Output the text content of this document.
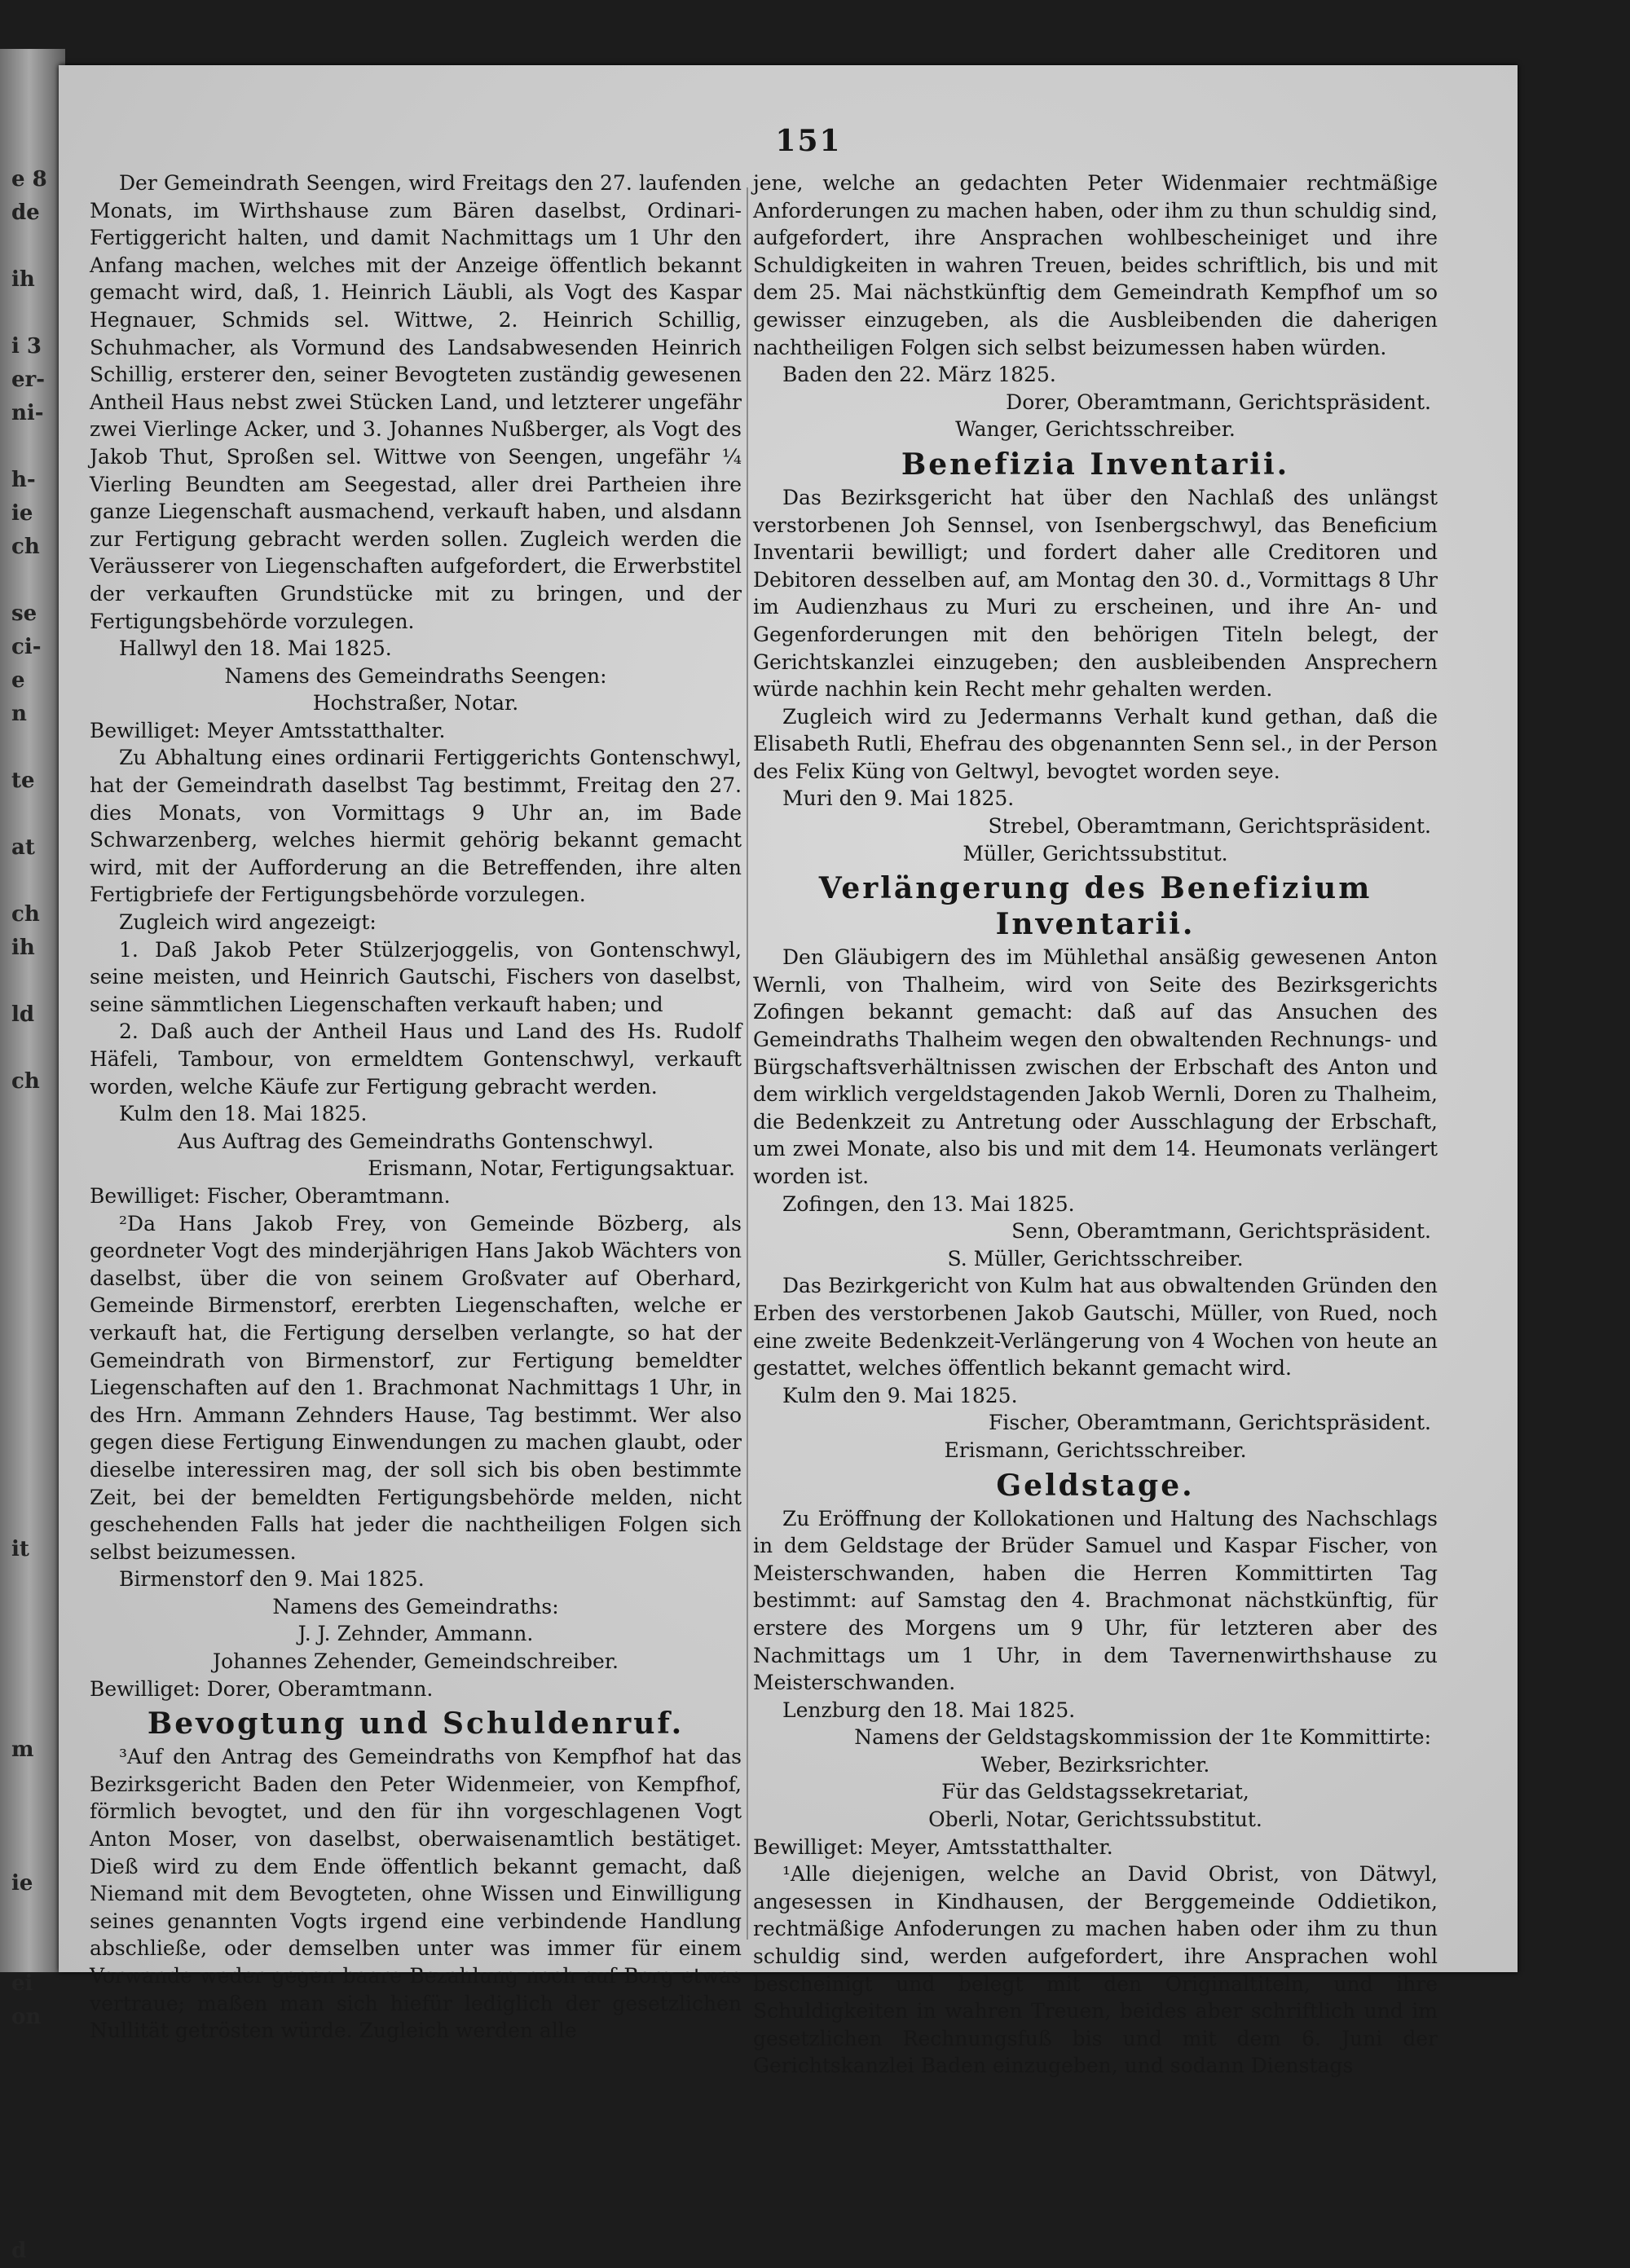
e 8
de

ih

i 3
er-
ni-

h-
ie
ch

se
ci-
e
n

te

at

ch
ih

ld

ch

it

m

ie

ei
on

d
151

Der Gemeindrath Seengen, wird Freitags den 27. laufenden Monats, im Wirthshause zum Bären daselbst, Ordinari-Fertiggericht halten, und damit Nachmittags um 1 Uhr den Anfang machen, welches mit der Anzeige öffentlich bekannt gemacht wird, daß, 1. Heinrich Läubli, als Vogt des Kaspar Hegnauer, Schmids sel. Wittwe, 2. Heinrich Schillig, Schuhmacher, als Vormund des Landsabwesenden Heinrich Schillig, ersterer den, seiner Bevogteten zuständig gewesenen Antheil Haus nebst zwei Stücken Land, und letzterer ungefähr zwei Vierlinge Acker, und 3. Johannes Nußberger, als Vogt des Jakob Thut, Sproßen sel. Wittwe von Seengen, ungefähr ¼ Vierling Beundten am Seegestad, aller drei Partheien ihre ganze Liegenschaft ausmachend, verkauft haben, und alsdann zur Fertigung gebracht werden sollen. Zugleich werden die Veräusserer von Liegenschaften aufgefordert, die Erwerbstitel der verkauften Grundstücke mit zu bringen, und der Fertigungsbehörde vorzulegen.

Hallwyl den 18. Mai 1825.

Namens des Gemeindraths Seengen:

Hochstraßer, Notar.

Bewilliget: Meyer Amtsstatthalter.

Zu Abhaltung eines ordinarii Fertiggerichts Gontenschwyl, hat der Gemeindrath daselbst Tag bestimmt, Freitag den 27. dies Monats, von Vormittags 9 Uhr an, im Bade Schwarzenberg, welches hiermit gehörig bekannt gemacht wird, mit der Aufforderung an die Betreffenden, ihre alten Fertigbriefe der Fertigungsbehörde vorzulegen.

Zugleich wird angezeigt:

1. Daß Jakob Peter Stülzerjoggelis, von Gontenschwyl, seine meisten, und Heinrich Gautschi, Fischers von daselbst, seine sämmtlichen Liegenschaften verkauft haben; und

2. Daß auch der Antheil Haus und Land des Hs. Rudolf Häfeli, Tambour, von ermeldtem Gontenschwyl, verkauft worden, welche Käufe zur Fertigung gebracht werden.

Kulm den 18. Mai 1825.

Aus Auftrag des Gemeindraths Gontenschwyl.

Erismann, Notar, Fertigungsaktuar.

Bewilliget: Fischer, Oberamtmann.

²Da Hans Jakob Frey, von Gemeinde Bözberg, als geordneter Vogt des minderjährigen Hans Jakob Wächters von daselbst, über die von seinem Großvater auf Oberhard, Gemeinde Birmenstorf, ererbten Liegenschaften, welche er verkauft hat, die Fertigung derselben verlangte, so hat der Gemeindrath von Birmenstorf, zur Fertigung bemeldter Liegenschaften auf den 1. Brachmonat Nachmittags 1 Uhr, in des Hrn. Ammann Zehnders Hause, Tag bestimmt. Wer also gegen diese Fertigung Einwendungen zu machen glaubt, oder dieselbe interessiren mag, der soll sich bis oben bestimmte Zeit, bei der bemeldten Fertigungsbehörde melden, nicht geschehenden Falls hat jeder die nachtheiligen Folgen sich selbst beizumessen.

Birmenstorf den 9. Mai 1825.

Namens des Gemeindraths:

J. J. Zehnder, Ammann.

Johannes Zehender, Gemeindschreiber.

Bewilliget: Dorer, Oberamtmann.

Bevogtung und Schuldenruf.

³Auf den Antrag des Gemeindraths von Kempfhof hat das Bezirksgericht Baden den Peter Widenmeier, von Kempfhof, förmlich bevogtet, und den für ihn vorgeschlagenen Vogt Anton Moser, von daselbst, oberwaisenamtlich bestätiget. Dieß wird zu dem Ende öffentlich bekannt gemacht, daß Niemand mit dem Bevogteten, ohne Wissen und Einwilligung seines genannten Vogts irgend eine verbindende Handlung abschließe, oder demselben unter was immer für einem Vorwande weder gegen baare Bezahlung noch auf Borg etwas vertraue; maßen man sich hiefür lediglich der gesetzlichen Nullität getrösten würde. Zugleich werden alle

jene, welche an gedachten Peter Widenmaier rechtmäßige Anforderungen zu machen haben, oder ihm zu thun schuldig sind, aufgefordert, ihre Ansprachen wohlbescheiniget und ihre Schuldigkeiten in wahren Treuen, beides schriftlich, bis und mit dem 25. Mai nächstkünftig dem Gemeindrath Kempfhof um so gewisser einzugeben, als die Ausbleibenden die daherigen nachtheiligen Folgen sich selbst beizumessen haben würden.

Baden den 22. März 1825.

Dorer, Oberamtmann, Gerichtspräsident.

Wanger, Gerichtsschreiber.

Benefizia Inventarii.

Das Bezirksgericht hat über den Nachlaß des unlängst verstorbenen Joh Sennsel, von Isenbergschwyl, das Beneficium Inventarii bewilligt; und fordert daher alle Creditoren und Debitoren desselben auf, am Montag den 30. d., Vormittags 8 Uhr im Audienzhaus zu Muri zu erscheinen, und ihre An- und Gegenforderungen mit den behörigen Titeln belegt, der Gerichtskanzlei einzugeben; den ausbleibenden Ansprechern würde nachhin kein Recht mehr gehalten werden.

Zugleich wird zu Jedermanns Verhalt kund gethan, daß die Elisabeth Rutli, Ehefrau des obgenannten Senn sel., in der Person des Felix Küng von Geltwyl, bevogtet worden seye.

Muri den 9. Mai 1825.

Strebel, Oberamtmann, Gerichtspräsident.

Müller, Gerichtssubstitut.

Verlängerung des Benefizium Inventarii.

Den Gläubigern des im Mühlethal ansäßig gewesenen Anton Wernli, von Thalheim, wird von Seite des Bezirksgerichts Zofingen bekannt gemacht: daß auf das Ansuchen des Gemeindraths Thalheim wegen den obwaltenden Rechnungs- und Bürgschaftsverhältnissen zwischen der Erbschaft des Anton und dem wirklich vergeldstagenden Jakob Wernli, Doren zu Thalheim, die Bedenkzeit zu Antretung oder Ausschlagung der Erbschaft, um zwei Monate, also bis und mit dem 14. Heumonats verlängert worden ist.

Zofingen, den 13. Mai 1825.

Senn, Oberamtmann, Gerichtspräsident.

S. Müller, Gerichtsschreiber.

Das Bezirkgericht von Kulm hat aus obwaltenden Gründen den Erben des verstorbenen Jakob Gautschi, Müller, von Rued, noch eine zweite Bedenkzeit-Verlängerung von 4 Wochen von heute an gestattet, welches öffentlich bekannt gemacht wird.

Kulm den 9. Mai 1825.

Fischer, Oberamtmann, Gerichtspräsident.

Erismann, Gerichtsschreiber.

Geldstage.

Zu Eröffnung der Kollokationen und Haltung des Nachschlags in dem Geldstage der Brüder Samuel und Kaspar Fischer, von Meisterschwanden, haben die Herren Kommittirten Tag bestimmt: auf Samstag den 4. Brachmonat nächstkünftig, für erstere des Morgens um 9 Uhr, für letzteren aber des Nachmittags um 1 Uhr, in dem Tavernenwirthshause zu Meisterschwanden.

Lenzburg den 18. Mai 1825.

Namens der Geldstagskommission der 1te Kommittirte:

Weber, Bezirksrichter.

Für das Geldstagssekretariat,

Oberli, Notar, Gerichtssubstitut.

Bewilliget: Meyer, Amtsstatthalter.

¹Alle diejenigen, welche an David Obrist, von Dätwyl, angesessen in Kindhausen, der Berggemeinde Oddietikon, rechtmäßige Anfoderungen zu machen haben oder ihm zu thun schuldig sind, werden aufgefordert, ihre Ansprachen wohl bescheinigt und belegt mit den Originaltiteln, und ihre Schuldigkeiten in wahren Treuen, beides aber schriftlich und im gesetzlichen Rechnungsfuß bis und mit dem 6. Juni der Gerichtskanzlei Baden einzugeben, und sodann Dienstags
